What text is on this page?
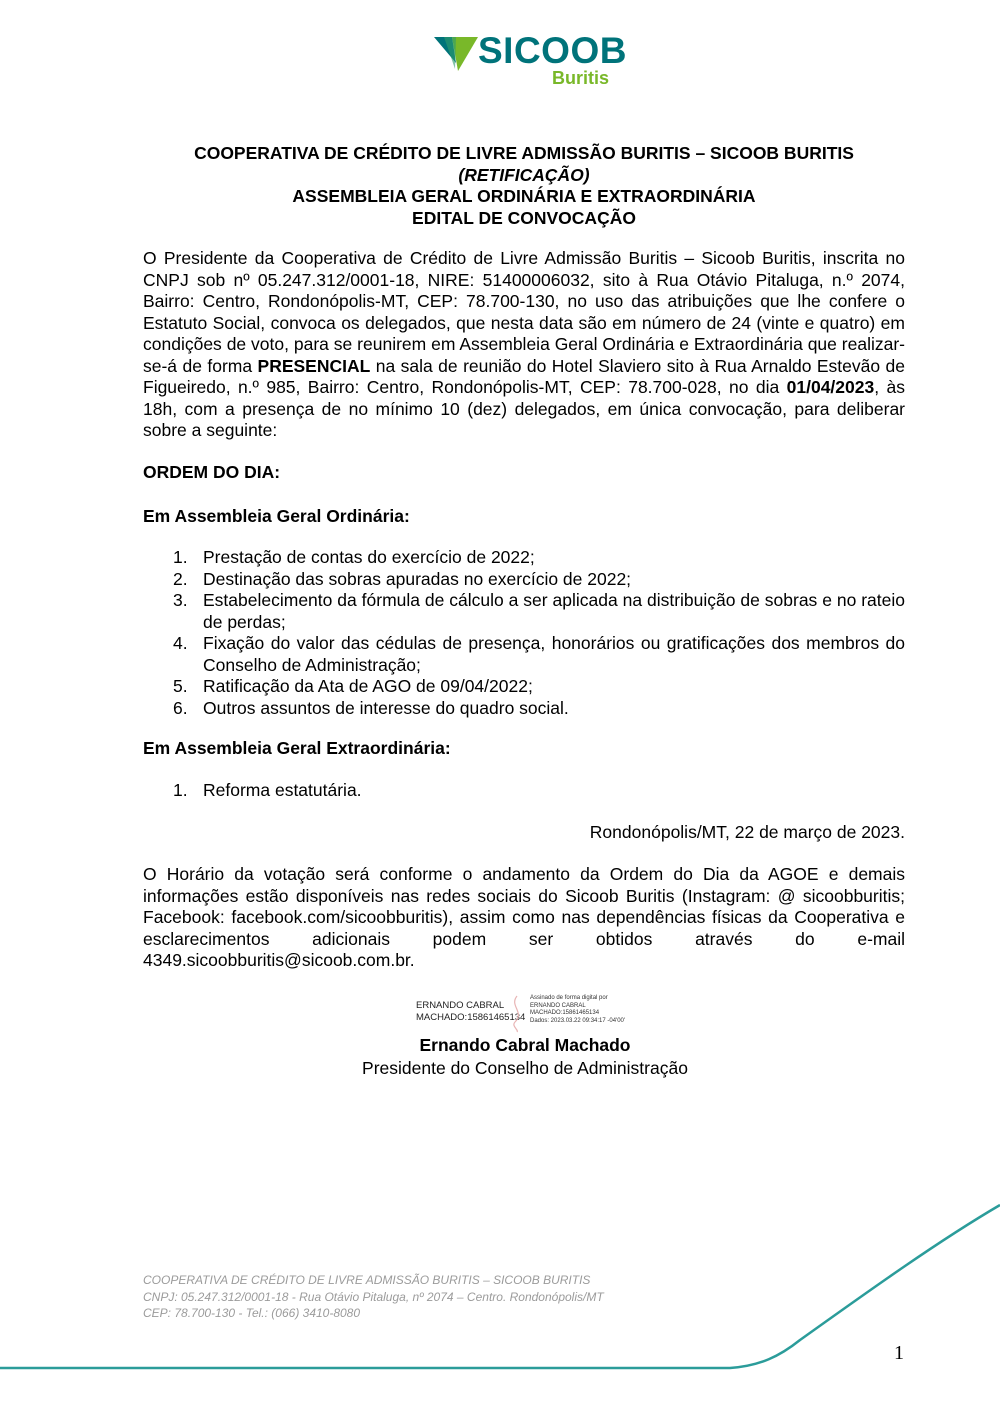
SICOOB
Buritis
COOPERATIVA DE CRÉDITO DE LIVRE ADMISSÃO BURITIS – SICOOB BURITIS
(RETIFICAÇÃO)
ASSEMBLEIA GERAL ORDINÁRIA E EXTRAORDINÁRIA
EDITAL DE CONVOCAÇÃO
O Presidente da Cooperativa de Crédito de Livre Admissão Buritis – Sicoob Buritis, inscrita no CNPJ sob nº 05.247.312/0001-18, NIRE: 51400006032, sito à Rua Otávio Pitaluga, n.º 2074, Bairro: Centro, Rondonópolis-MT, CEP: 78.700-130, no uso das atribuições que lhe confere o Estatuto Social, convoca os delegados, que nesta data são em número de 24 (vinte e quatro) em condições de voto, para se reunirem em Assembleia Geral Ordinária e Extraordinária que realizar-se-á de forma PRESENCIAL na sala de reunião do Hotel Slaviero sito à Rua Arnaldo Estevão de Figueiredo, n.º 985, Bairro: Centro, Rondonópolis-MT, CEP: 78.700-028, no dia 01/04/2023, às 18h, com a presença de no mínimo 10 (dez) delegados, em única convocação, para deliberar sobre a seguinte:
ORDEM DO DIA:
Em Assembleia Geral Ordinária:
1. Prestação de contas do exercício de 2022;
2. Destinação das sobras apuradas no exercício de 2022;
3. Estabelecimento da fórmula de cálculo a ser aplicada na distribuição de sobras e no rateio de perdas;
4. Fixação do valor das cédulas de presença, honorários ou gratificações dos membros do Conselho de Administração;
5. Ratificação da Ata de AGO de 09/04/2022;
6. Outros assuntos de interesse do quadro social.
Em Assembleia Geral Extraordinária:
1. Reforma estatutária.
Rondonópolis/MT, 22 de março de 2023.
O Horário da votação será conforme o andamento da Ordem do Dia da AGOE e demais informações estão disponíveis nas redes sociais do Sicoob Buritis (Instagram: @ sicoobburitis; Facebook: facebook.com/sicoobburitis), assim como nas dependências físicas da Cooperativa e esclarecimentos adicionais podem ser obtidos através do e-mail 4349.sicoobburitis@sicoob.com.br.
ERNANDO CABRAL
MACHADO:15861465134
Assinado de forma digital por
ERNANDO CABRAL
MACHADO:15861465134
Dados: 2023.03.22 09:34:17 -04'00'
Ernando Cabral Machado
Presidente do Conselho de Administração
COOPERATIVA DE CRÉDITO DE LIVRE ADMISSÃO BURITIS – SICOOB BURITIS
CNPJ: 05.247.312/0001-18 - Rua Otávio Pitaluga, nº 2074 – Centro. Rondonópolis/MT
CEP: 78.700-130 - Tel.: (066) 3410-8080
1
